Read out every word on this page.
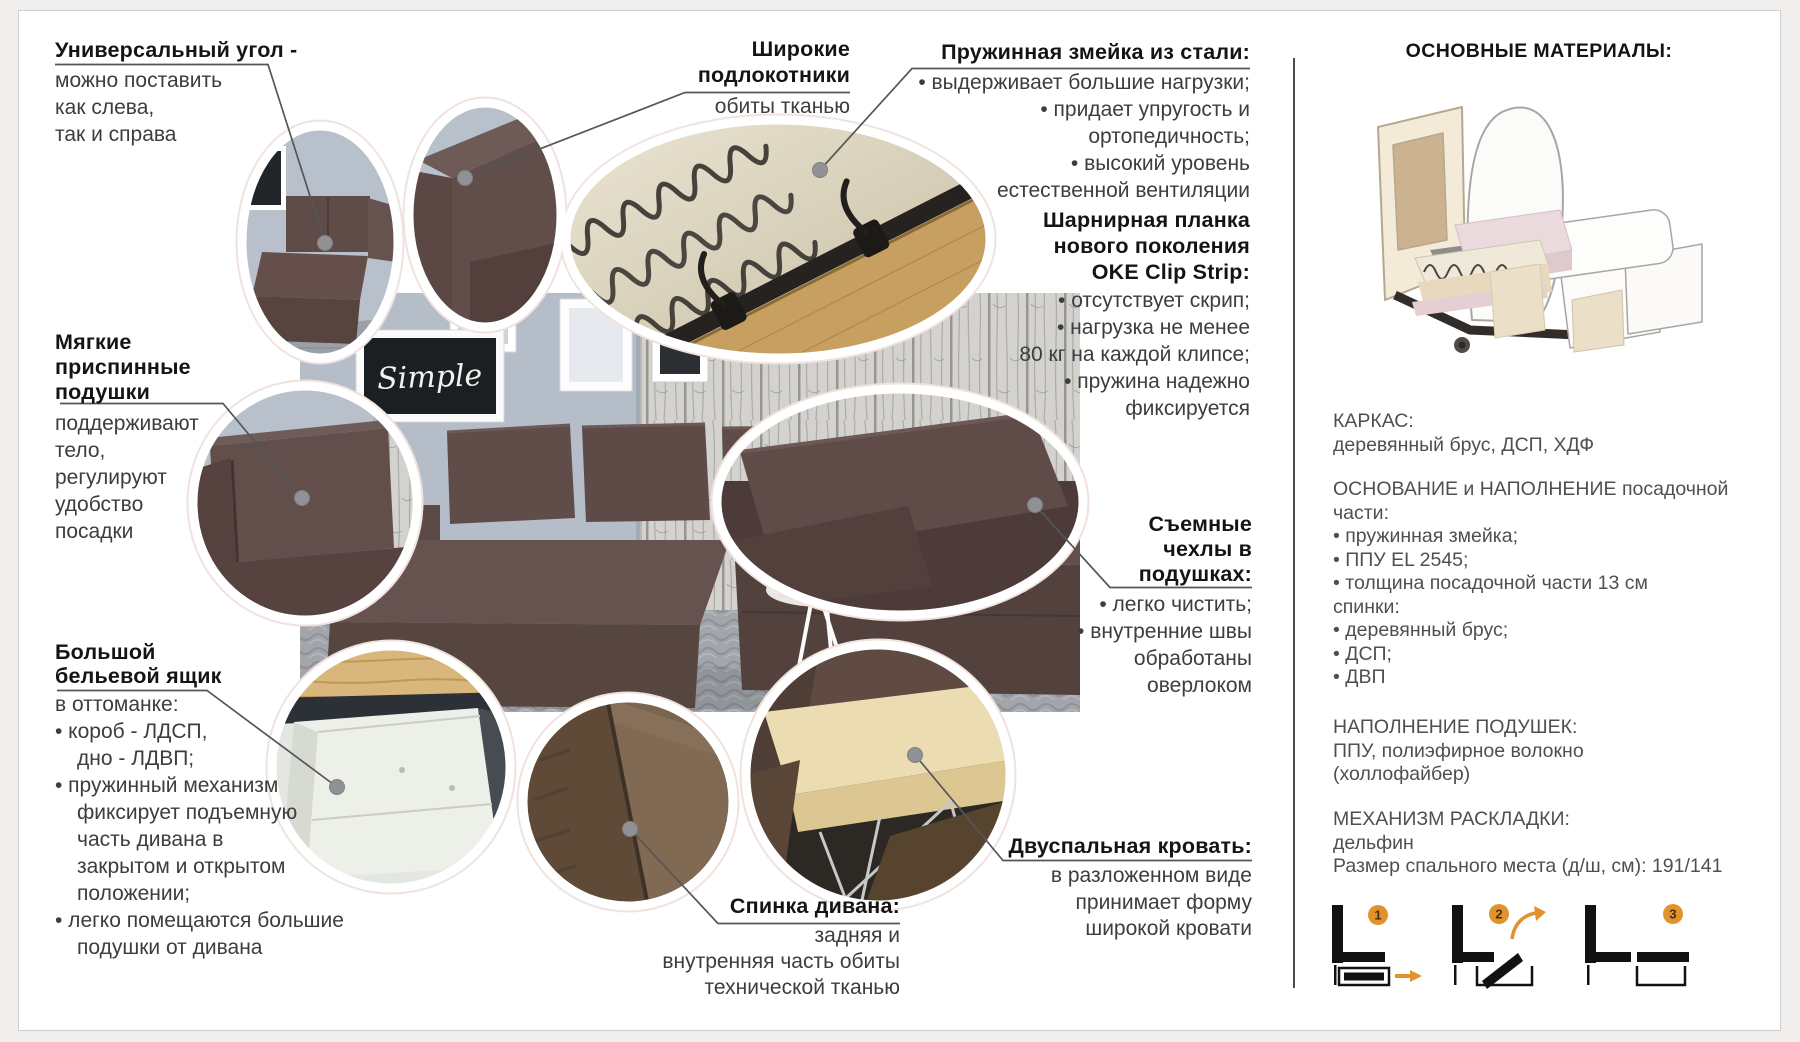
Simple
1	2	3
Универсальный угол -
можно поставить
как слева,
так и справа
Широкие
подлокотники
обиты тканью
Пружинная змейка из стали:
• выдерживает большие нагрузки;
• придает упругость и
ортопедичность;
• высокий уровень
естественной вентиляции
Шарнирная планка
нового поколения
OKE Clip Strip:
• отсутствует скрип;
• нагрузка не менее
80 кг на каждой клипсе;
• пружина надежно
фиксируется
Мягкие
приспинные
подушки
поддерживают
тело,
регулируют
удобство
посадки	Съемные
чехлы в
подушках:
• легко чистить;
• внутренние швы
обработаны
оверлоком
Большой
бельевой ящик
в оттоманке:
• короб - ЛДСП,
дно - ЛДВП;
• пружинный механизм
фиксирует подъемную
часть дивана в
закрытом и открытом
положении;
• легко помещаются большие
подушки от дивана
Спинка дивана:
задняя и
внутренняя часть обиты
технической тканью
Двуспальная кровать:
в разложенном виде
принимает форму
широкой кровати
ОСНОВНЫЕ МАТЕРИАЛЫ:
КАРКАС:
деревянный брус, ДСП, ХДФ
ОСНОВАНИЕ и НАПОЛНЕНИЕ посадочной
части:
• пружинная змейка;
• ППУ EL 2545;
• толщина посадочной части 13 см
спинки:
• деревянный брус;
• ДСП;
• ДВП
НАПОЛНЕНИЕ ПОДУШЕК:
ППУ, полиэфирное волокно
(холлофайбер)
МЕХАНИЗМ РАСКЛАДКИ:
дельфин
Размер спального места (д/ш, см): 191/141
